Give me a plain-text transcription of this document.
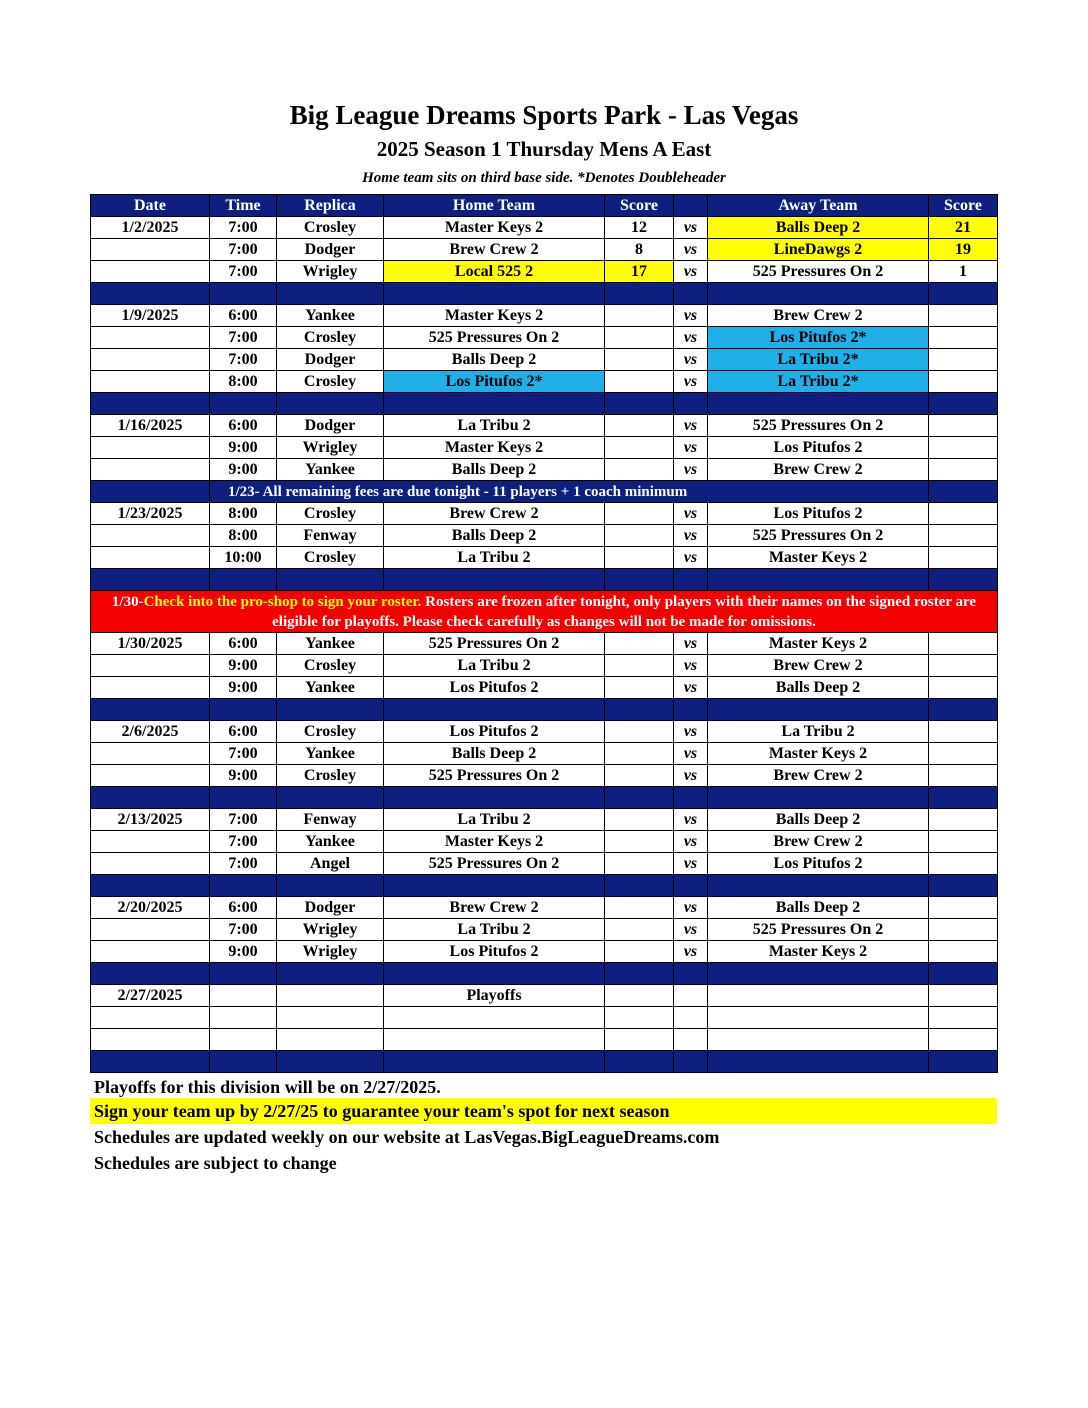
Big League Dreams Sports Park - Las Vegas
2025 Season 1 Thursday Mens A East
Home team sits on third base side. *Denotes Doubleheader
Date	Time	Replica	Home Team	Score		Away Team	Score
1/2/2025	7:00	Crosley	Master Keys 2	12	vs	Balls Deep 2	21
	7:00	Dodger	Brew Crew 2	8	vs	LineDawgs 2	19
	7:00	Wrigley	Local 525 2	17	vs	525 Pressures On 2	1

1/9/2025	6:00	Yankee	Master Keys 2		vs	Brew Crew 2	
	7:00	Crosley	525 Pressures On 2		vs	Los Pitufos 2*	
	7:00	Dodger	Balls Deep 2		vs	La Tribu 2*	
	8:00	Crosley	Los Pitufos 2*		vs	La Tribu 2*	

1/16/2025	6:00	Dodger	La Tribu 2		vs	525 Pressures On 2	
	9:00	Wrigley	Master Keys 2		vs	Los Pitufos 2	
	9:00	Yankee	Balls Deep 2		vs	Brew Crew 2	
	1/23- All remaining fees are due tonight - 11 players + 1 coach minimum						
1/23/2025	8:00	Crosley	Brew Crew 2		vs	Los Pitufos 2	
	8:00	Fenway	Balls Deep 2		vs	525 Pressures On 2	
	10:00	Crosley	La Tribu 2		vs	Master Keys 2	

1/30-Check into the pro-shop to sign your roster. Rosters are frozen after tonight, only players with their names on the signed roster are eligible for playoffs. Please check carefully as changes will not be made for omissions.							
1/30/2025	6:00	Yankee	525 Pressures On 2		vs	Master Keys 2	
	9:00	Crosley	La Tribu 2		vs	Brew Crew 2	
	9:00	Yankee	Los Pitufos 2		vs	Balls Deep 2	

2/6/2025	6:00	Crosley	Los Pitufos 2		vs	La Tribu 2	
	7:00	Yankee	Balls Deep 2		vs	Master Keys 2	
	9:00	Crosley	525 Pressures On 2		vs	Brew Crew 2	

2/13/2025	7:00	Fenway	La Tribu 2		vs	Balls Deep 2	
	7:00	Yankee	Master Keys 2		vs	Brew Crew 2	
	7:00	Angel	525 Pressures On 2		vs	Los Pitufos 2	

2/20/2025	6:00	Dodger	Brew Crew 2		vs	Balls Deep 2	
	7:00	Wrigley	La Tribu 2		vs	525 Pressures On 2	
	9:00	Wrigley	Los Pitufos 2		vs	Master Keys 2	

2/27/2025			Playoffs				

Playoffs for this division will be on 2/27/2025.
Sign your team up by 2/27/25 to guarantee your team's spot for next season
Schedules are updated weekly on our website at LasVegas.BigLeagueDreams.com
Schedules are subject to change
